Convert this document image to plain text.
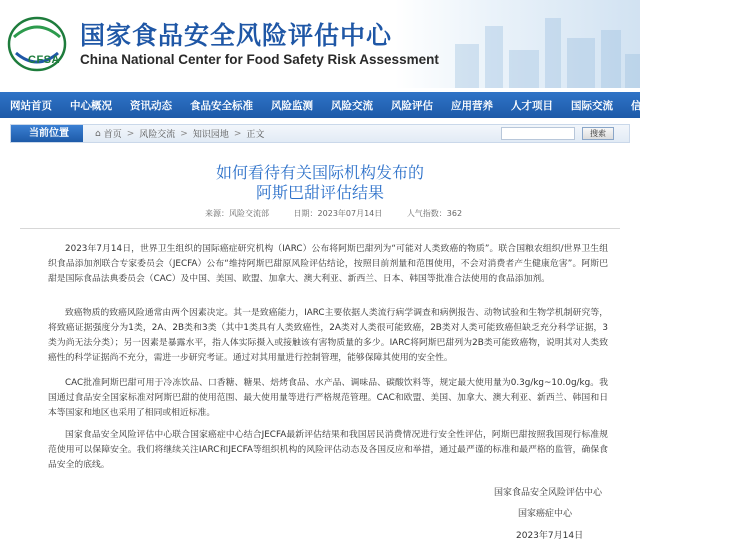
CFSA
国家食品安全风险评估中心
China National Center for Food Safety Risk Assessment
网站首页 中心概况 资讯动态 食品安全标准 风险监测 风险交流 风险评估 应用营养 人才项目 国际交流 信息化建设 党群工作
当前位置	⌂ 首页 > 风险交流 > 知识园地 > 正文	搜索
如何看待有关国际机构发布的
阿斯巴甜评估结果
来源：风险交流部	日期：2023年07月14日	人气指数：362

2023年7月14日，世界卫生组织的国际癌症研究机构（IARC）公布将阿斯巴甜列为“可能对人类致癌的物质”。联合国粮农组织/世界卫生组织食品添加剂联合专家委员会（JECFA）公布“维持阿斯巴甜原风险评估结论，按照目前剂量和范围使用，不会对消费者产生健康危害”。阿斯巴甜是国际食品法典委员会（CAC）及中国、美国、欧盟、加拿大、澳大利亚、新西兰、日本、韩国等批准合法使用的食品添加剂。

致癌物质的致癌风险通常由两个因素决定。其一是致癌能力，IARC主要依据人类流行病学调查和病例报告、动物试验和生物学机制研究等，将致癌证据强度分为1类，2A、2B类和3类（其中1类具有人类致癌性，2A类对人类很可能致癌，2B类对人类可能致癌但缺乏充分科学证据，3类为尚无法分类）；另一因素是暴露水平，指人体实际摄入或接触该有害物质量的多少。IARC将阿斯巴甜列为2B类可能致癌物，说明其对人类致癌性的科学证据尚不充分，需进一步研究考证。通过对其用量进行控制管理，能够保障其使用的安全性。

CAC批准阿斯巴甜可用于冷冻饮品、口香糖、糖果、焙烤食品、水产品、调味品、碳酸饮料等，规定最大使用量为0.3g/kg~10.0g/kg。我国通过食品安全国家标准对阿斯巴甜的使用范围、最大使用量等进行严格规范管理。CAC和欧盟、美国、加拿大、澳大利亚、新西兰、韩国和日本等国家和地区也采用了相同或相近标准。

国家食品安全风险评估中心联合国家癌症中心结合JECFA最新评估结果和我国居民消费情况进行安全性评估，阿斯巴甜按照我国现行标准规范使用可以保障安全。我们将继续关注IARC和JECFA等组织机构的风险评估动态及各国反应和举措，通过最严谨的标准和最严格的监管，确保食品安全的底线。

国家食品安全风险评估中心
国家癌症中心
2023年7月14日
